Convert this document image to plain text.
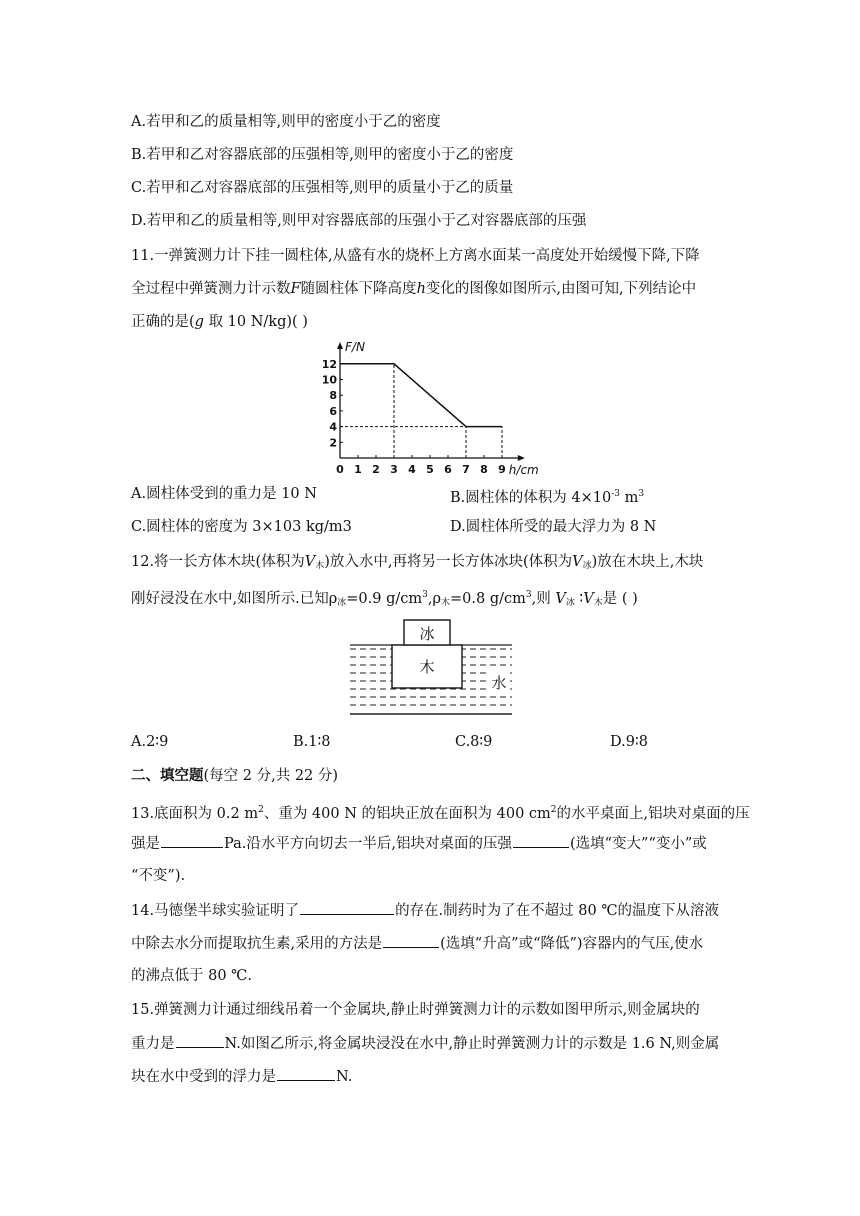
A.若甲和乙的质量相等,则甲的密度小于乙的密度
B.若甲和乙对容器底部的压强相等,则甲的密度小于乙的密度
C.若甲和乙对容器底部的压强相等,则甲的质量小于乙的质量
D.若甲和乙的质量相等,则甲对容器底部的压强小于乙对容器底部的压强
11.一弹簧测力计下挂一圆柱体,从盛有水的烧杯上方离水面某一高度处开始缓慢下降,下降
全过程中弹簧测力计示数F随圆柱体下降高度h变化的图像如图所示,由图可知,下列结论中
正确的是(g 取 10 N/kg)( )
F/N
h/cm
0 1 2 3 4 5 6 7 8 9
2
4
6
8
10
12
A.圆柱体受到的重力是 10 N	B.圆柱体的体积为 $4\times 10^{-3}$ $m^3$
C.圆柱体的密度为 3×103 kg/m3	D.圆柱体所受的最大浮力为 8 N
12.将一长方体木块(体积为$V_木$)放入水中,再将另一长方体冰块(体积为$V_冰$)放在木块上,木块
刚好浸没在水中,如图所示.已知$\rho_冰=0.9$ $g/cm^3,\rho_木=0.8$ $g/cm^3$,则 $V_冰$ $∶V_木$是 ( )
冰
木
水
A.2∶9	B.1∶8	C.8∶9	D.9∶8
二、填空题(每空 2 分,共 22 分)
13.底面积为 0.2 $m^2$、重为 400 N 的铝块正放在面积为 400 $cm^2$的水平桌面上,铝块对桌面的压
强是	Pa.沿水平方向切去一半后,铝块对桌面的压强	(选填“变大”“变小”或
“不变”).
14.马德堡半球实验证明了	的存在.制药时为了在不超过 80 ℃的温度下从溶液
中除去水分而提取抗生素,采用的方法是	(选填“升高”或“降低”)容器内的气压,使水
的沸点低于 80 ℃.
15.弹簧测力计通过细线吊着一个金属块,静止时弹簧测力计的示数如图甲所示,则金属块的
重力是	N.如图乙所示,将金属块浸没在水中,静止时弹簧测力计的示数是 1.6 N,则金属
块在水中受到的浮力是	N.
